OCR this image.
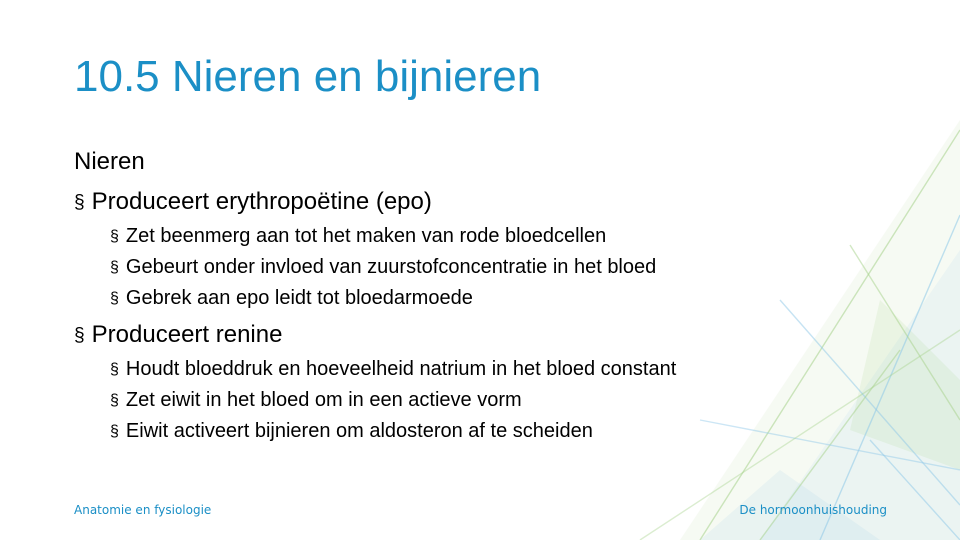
10.5 Nieren en bijnieren
Nieren
§ Produceert erythropoëtine (epo)
§ Zet beenmerg aan tot het maken van rode bloedcellen
§ Gebeurt onder invloed van zuurstofconcentratie in het bloed
§ Gebrek aan epo leidt tot bloedarmoede
§ Produceert renine
§ Houdt bloeddruk en hoeveelheid natrium in het bloed constant
§ Zet eiwit in het bloed om in een actieve vorm
§ Eiwit activeert bijnieren om aldosteron af te scheiden
Anatomie en fysiologie	De hormoonhuishouding
